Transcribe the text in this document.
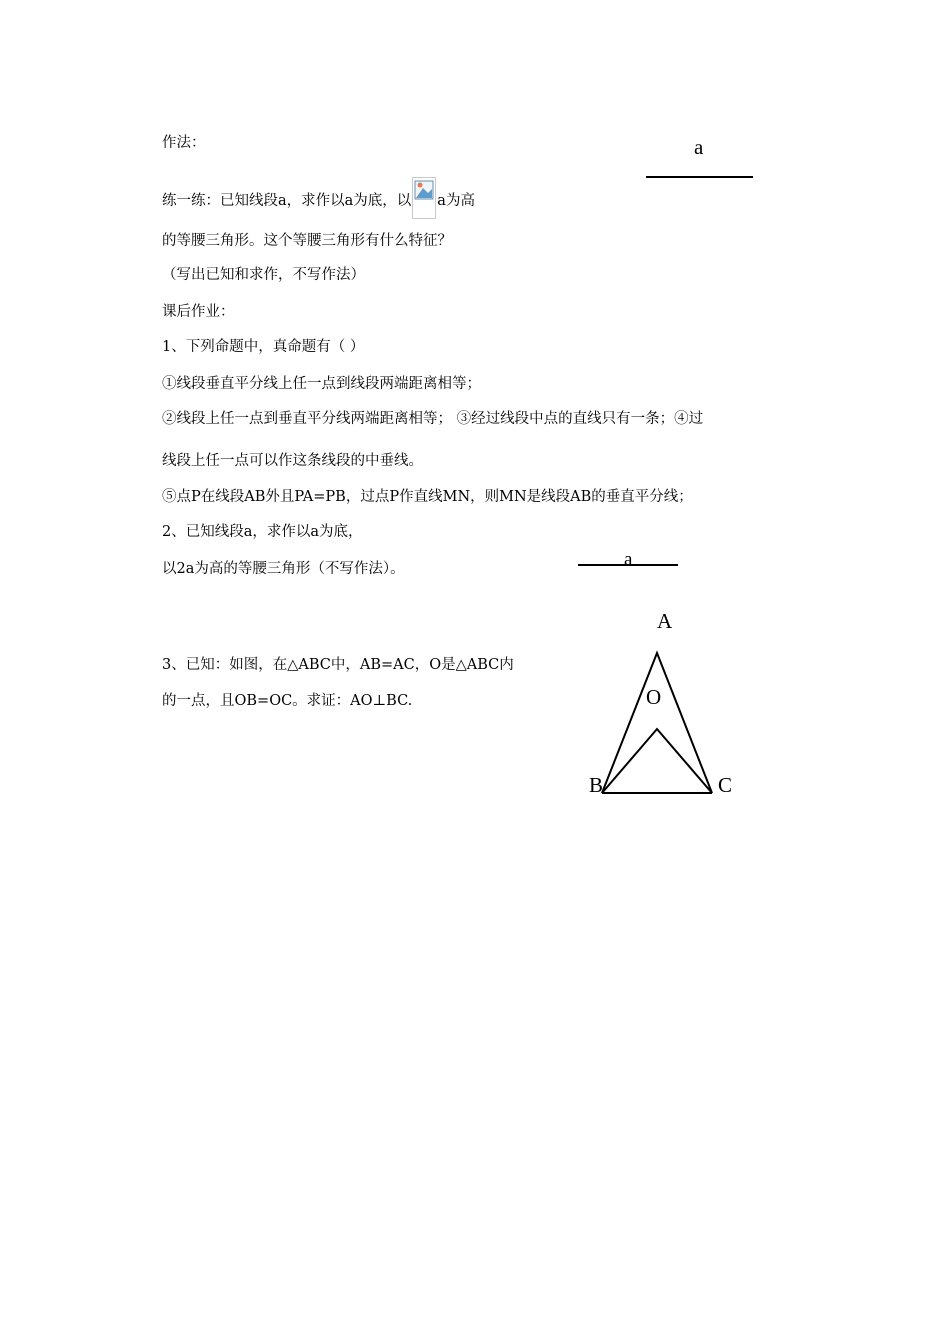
作法：	a
练一练：已知线段a，求作以a为底，以 a为高
的等腰三角形。这个等腰三角形有什么特征？
（写出已知和求作，不写作法）
课后作业：
1、下列命题中，真命题有（ ）
①线段垂直平分线上任一点到线段两端距离相等；
②线段上任一点到垂直平分线两端距离相等； ③经过线段中点的直线只有一条；④过
线段上任一点可以作这条线段的中垂线。
⑤点P在线段AB外且PA=PB，过点P作直线MN，则MN是线段AB的垂直平分线；
2、已知线段a，求作以a为底，
以2a为高的等腰三角形（不写作法）。	a
3、已知：如图，在△ABC中，AB=AC，O是△ABC内
的一点，且OB=OC。求证：AO⊥BC.
A
O
B	C
